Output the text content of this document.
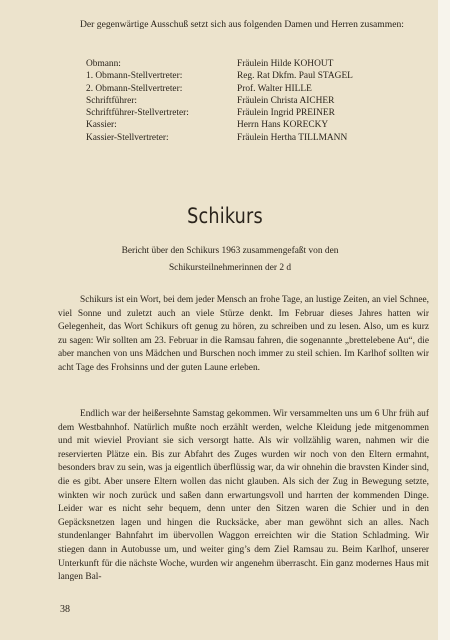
Der gegenwärtige Ausschuß setzt sich aus folgenden Damen und Herren zusammen:

Obmann:	Fräulein Hilde KOHOUT
1. Obmann-Stellvertreter:	Reg. Rat Dkfm. Paul STAGEL
2. Obmann-Stellvertreter:	Prof. Walter HILLE
Schriftführer:	Fräulein Christa AICHER
Schriftführer-Stellvertreter:	Fräulein Ingrid PREINER
Kassier:	Herrn Hans KORECKY
Kassier-Stellvertreter:	Fräulein Hertha TILLMANN
Schikurs
Bericht über den Schikurs 1963 zusammengefaßt von den
Schikursteilnehmerinnen der 2 d

Schikurs ist ein Wort, bei dem jeder Mensch an frohe Tage, an lustige Zeiten, an viel Schnee, viel Sonne und zuletzt auch an viele Stürze denkt. Im Februar dieses Jahres hatten wir Gelegenheit, das Wort Schikurs oft genug zu hören, zu schreiben und zu lesen. Also, um es kurz zu sagen: Wir sollten am 23. Februar in die Ramsau fahren, die sogenannte „brettelebene Au“, die aber manchen von uns Mädchen und Burschen noch immer zu steil schien. Im Karlhof sollten wir acht Tage des Frohsinns und der guten Laune erleben.

Endlich war der heißersehnte Samstag gekommen. Wir versammelten uns um 6 Uhr früh auf dem Westbahnhof. Natürlich mußte noch erzählt werden, welche Kleidung jede mitgenommen und mit wieviel Proviant sie sich versorgt hatte. Als wir vollzählig waren, nahmen wir die reservierten Plätze ein. Bis zur Abfahrt des Zuges wurden wir noch von den Eltern ermahnt, besonders brav zu sein, was ja eigentlich überflüssig war, da wir ohnehin die bravsten Kinder sind, die es gibt. Aber unsere Eltern wollen das nicht glauben. Als sich der Zug in Bewegung setzte, winkten wir noch zurück und saßen dann erwartungsvoll und harrten der kommenden Dinge. Leider war es nicht sehr bequem, denn unter den Sitzen waren die Schier und in den Gepäcksnetzen lagen und hingen die Rucksäcke, aber man gewöhnt sich an alles. Nach stundenlanger Bahnfahrt im übervollen Waggon erreichten wir die Station Schladming. Wir stiegen dann in Autobusse um, und weiter ging’s dem Ziel Ramsau zu. Beim Karlhof, unserer Unterkunft für die nächste Woche, wurden wir angenehm überrascht. Ein ganz modernes Haus mit langen Bal-

38
